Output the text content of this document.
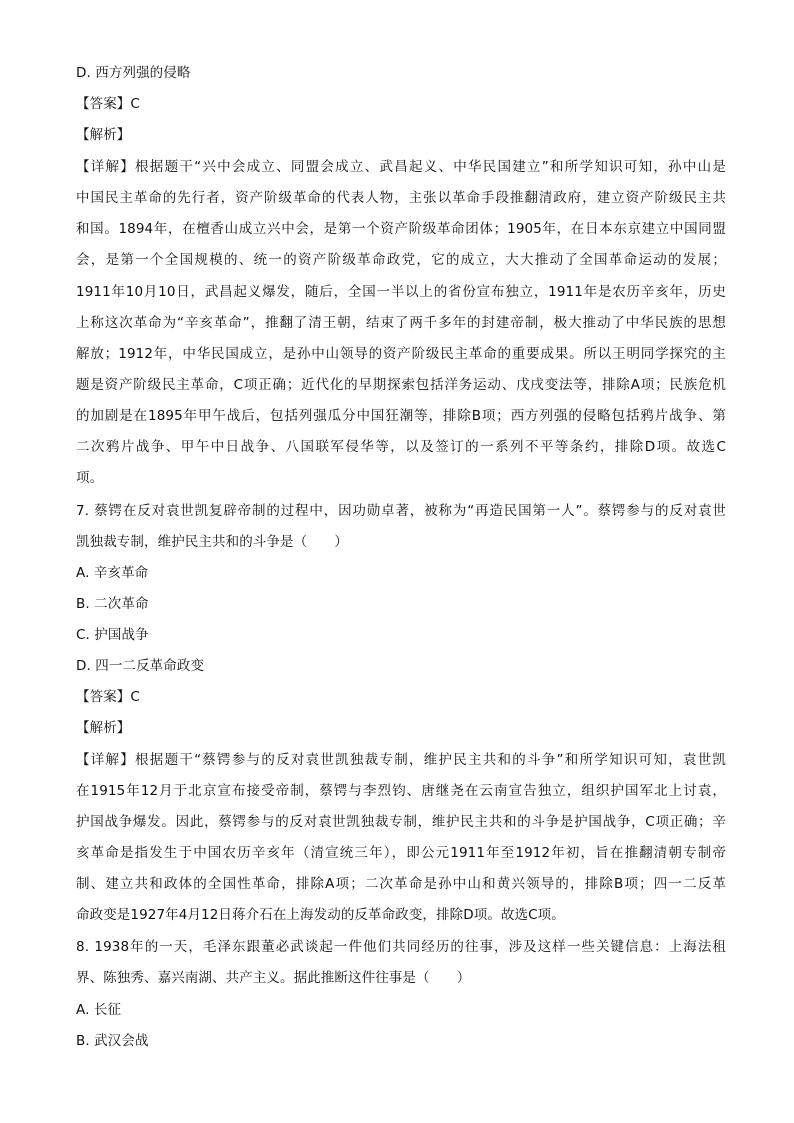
D. 西方列强的侵略
【答案】C
【解析】
【详解】根据题干“兴中会成立、同盟会成立、武昌起义、中华民国建立”和所学知识可知，孙中山是
中国民主革命的先行者，资产阶级革命的代表人物，主张以革命手段推翻清政府，建立资产阶级民主共
和国。1894年，在檀香山成立兴中会，是第一个资产阶级革命团体；1905年，在日本东京建立中国同盟
会，是第一个全国规模的、统一的资产阶级革命政党，它的成立，大大推动了全国革命运动的发展；
1911年10月10日，武昌起义爆发，随后，全国一半以上的省份宣布独立，1911年是农历辛亥年，历史
上称这次革命为“辛亥革命”，推翻了清王朝，结束了两千多年的封建帝制，极大推动了中华民族的思想
解放；1912年，中华民国成立，是孙中山领导的资产阶级民主革命的重要成果。所以王明同学探究的主
题是资产阶级民主革命，C项正确；近代化的早期探索包括洋务运动、戊戌变法等，排除A项；民族危机
的加剧是在1895年甲午战后，包括列强瓜分中国狂潮等，排除B项；西方列强的侵略包括鸦片战争、第
二次鸦片战争、甲午中日战争、八国联军侵华等，以及签订的一系列不平等条约，排除D项。故选C
项。
7. 蔡锷在反对袁世凯复辟帝制的过程中，因功勋卓著，被称为“再造民国第一人”。蔡锷参与的反对袁世
凯独裁专制，维护民主共和的斗争是（　　）
A. 辛亥革命
B. 二次革命
C. 护国战争
D. 四一二反革命政变
【答案】C
【解析】
【详解】根据题干“蔡锷参与的反对袁世凯独裁专制，维护民主共和的斗争”和所学知识可知，袁世凯
在1915年12月于北京宣布接受帝制，蔡锷与李烈钧、唐继尧在云南宣告独立，组织护国军北上讨袁，
护国战争爆发。因此，蔡锷参与的反对袁世凯独裁专制，维护民主共和的斗争是护国战争，C项正确；辛
亥革命是指发生于中国农历辛亥年（清宣统三年），即公元1911年至1912年初，旨在推翻清朝专制帝
制、建立共和政体的全国性革命，排除A项；二次革命是孙中山和黄兴领导的，排除B项；四一二反革
命政变是1927年4月12日蒋介石在上海发动的反革命政变，排除D项。故选C项。
8. 1938年的一天，毛泽东跟董必武谈起一件他们共同经历的往事，涉及这样一些关键信息：上海法租
界、陈独秀、嘉兴南湖、共产主义。据此推断这件往事是（　　）
A. 长征
B. 武汉会战
